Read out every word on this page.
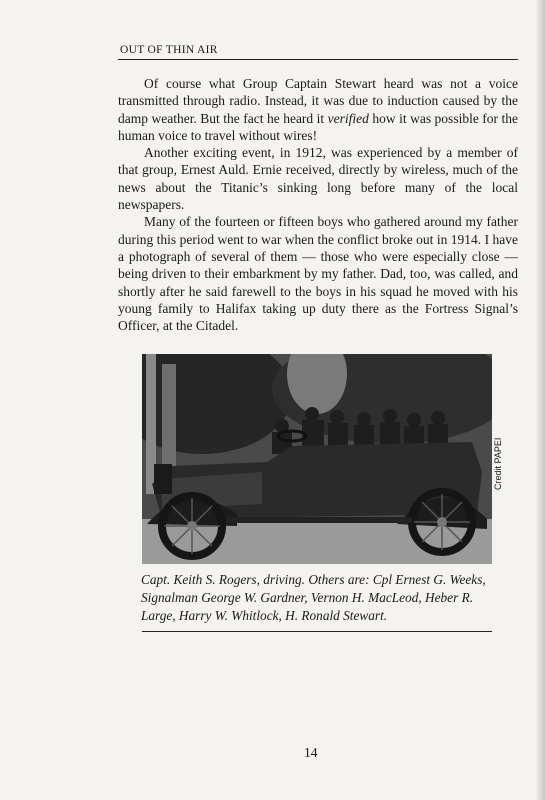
OUT OF THIN AIR

Of course what Group Captain Stewart heard was not a voice transmitted through radio. Instead, it was due to induction caused by the damp weather. But the fact he heard it verified how it was possible for the human voice to travel without wires!

Another exciting event, in 1912, was experienced by a member of that group, Ernest Auld. Ernie received, directly by wireless, much of the news about the Titanic’s sinking long before many of the local newspapers.

Many of the fourteen or fifteen boys who gathered around my father during this period went to war when the conflict broke out in 1914. I have a photograph of several of them — those who were especially close — being driven to their embarkment by my father. Dad, too, was called, and shortly after he said farewell to the boys in his squad he moved with his young family to Halifax taking up duty there as the Fortress Signal’s Officer, at the Citadel.

Credit PAPEI
Capt. Keith S. Rogers, driving. Others are: Cpl Ernest G. Weeks, Signalman George W. Gardner, Vernon H. MacLeod, Heber R. Large, Harry W. Whitlock, H. Ronald Stewart.
14
